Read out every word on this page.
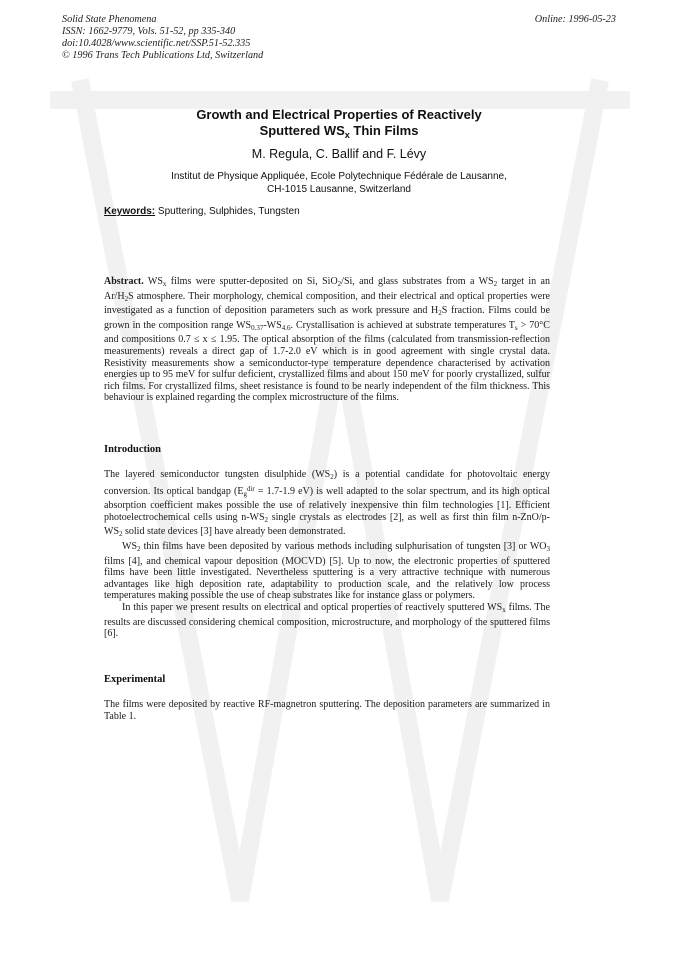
Solid State Phenomena
ISSN: 1662-9779, Vols. 51-52, pp 335-340
doi:10.4028/www.scientific.net/SSP.51-52.335
© 1996 Trans Tech Publications Ltd, Switzerland
Online: 1996-05-23
Growth and Electrical Properties of Reactively
Sputtered $WS_x$ Thin Films
M. Regula, C. Ballif and F. Lévy
Institut de Physique Appliquée, Ecole Polytechnique Fédérale de Lausanne,
CH-1015 Lausanne, Switzerland
Keywords: Sputtering, Sulphides, Tungsten

Abstract. $WS_x$ films were sputter-deposited on Si, SiO$_2$/Si, and glass substrates from a $WS_2$ target in an $Ar/H_2S$ atmosphere. Their morphology, chemical composition, and their electrical and optical properties were investigated as a function of deposition parameters such as work pressure and $H_2S$ fraction. Films could be grown in the composition range $WS_{0.37}-WS_{4.6}$. Crystallisation is achieved at substrate temperatures $T_s > 70^\circ C$ and compositions 0.7 ≤ x ≤ 1.95. The optical absorption of the films (calculated from transmission-reflection measurements) reveals a direct gap of 1.7-2.0 eV which is in good agreement with single crystal data. Resistivity measurements show a semiconductor-type temperature dependence characterised by activation energies up to 95 meV for sulfur deficient, crystallized films and about 150 meV for poorly crystallized, sulfur rich films. For crystallized films, sheet resistance is found to be nearly independent of the film thickness. This behaviour is explained regarding the complex microstructure of the films.

Introduction

The layered semiconductor tungsten disulphide $(WS_2)$ is a potential candidate for photovoltaic energy conversion. Its optical bandgap ($E_g^{dir} = 1.7-1.9$ eV) is well adapted to the solar spectrum, and its high optical absorption coefficient makes possible the use of relatively inexpensive thin film technologies [1]. Efficient photoelectrochemical cells using $n-WS_2$ single crystals as electrodes [2], as well as first thin film $n-ZnO/p-WS_2$ solid state devices [3] have already been demonstrated.

$WS_2$ thin films have been deposited by various methods including sulphurisation of tungsten [3] or $WO_3$ films [4], and chemical vapour deposition (MOCVD) [5]. Up to now, the electronic properties of sputtered films have been little investigated. Nevertheless sputtering is a very attractive technique with numerous advantages like high deposition rate, adaptability to production scale, and the relatively low process temperatures making possible the use of cheap substrates like for instance glass or polymers.

In this paper we present results on electrical and optical properties of reactively sputtered $WS_x$ films. The results are discussed considering chemical composition, microstructure, and morphology of the sputtered films [6].

Experimental

The films were deposited by reactive RF-magnetron sputtering. The deposition parameters are summarized in Table 1.
